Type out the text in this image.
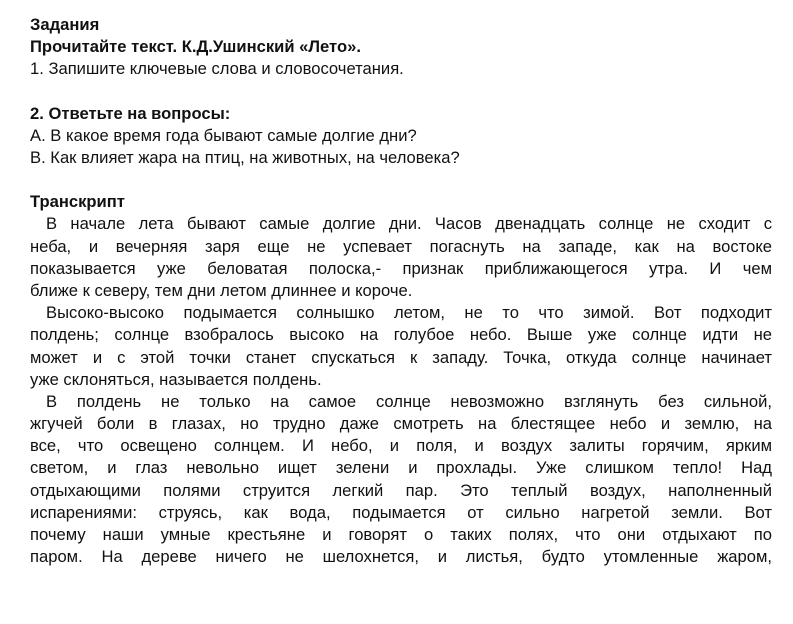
Задания
Прочитайте текст. К.Д.Ушинский «Лето».
1. Запишите ключевые слова и словосочетания.
2. Ответьте на вопросы:
А. В какое время года бывают самые долгие дни?
В. Как влияет жара на птиц, на животных, на человека?
Транскрипт
В начале лета бывают самые долгие дни. Часов двенадцать солнце не сходит с
неба, и вечерняя заря еще не успевает погаснуть на западе, как на востоке
показывается уже беловатая полоска,- признак приближающегося утра. И чем
ближе к северу, тем дни летом длиннее и короче.
Высоко-высоко подымается солнышко летом, не то что зимой. Вот подходит
полдень; солнце взобралось высоко на голубое небо. Выше уже солнце идти не
может и с этой точки станет спускаться к западу. Точка, откуда солнце начинает
уже склоняться, называется полдень.
В полдень не только на самое солнце невозможно взглянуть без сильной,
жгучей боли в глазах, но трудно даже смотреть на блестящее небо и землю, на
все, что освещено солнцем. И небо, и поля, и воздух залиты горячим, ярким
светом, и глаз невольно ищет зелени и прохлады. Уже слишком тепло! Над
отдыхающими полями струится легкий пар. Это теплый воздух, наполненный
испарениями: струясь, как вода, подымается от сильно нагретой земли. Вот
почему наши умные крестьяне и говорят о таких полях, что они отдыхают по
паром. На дереве ничего не шелохнется, и листья, будто утомленные жаром,
